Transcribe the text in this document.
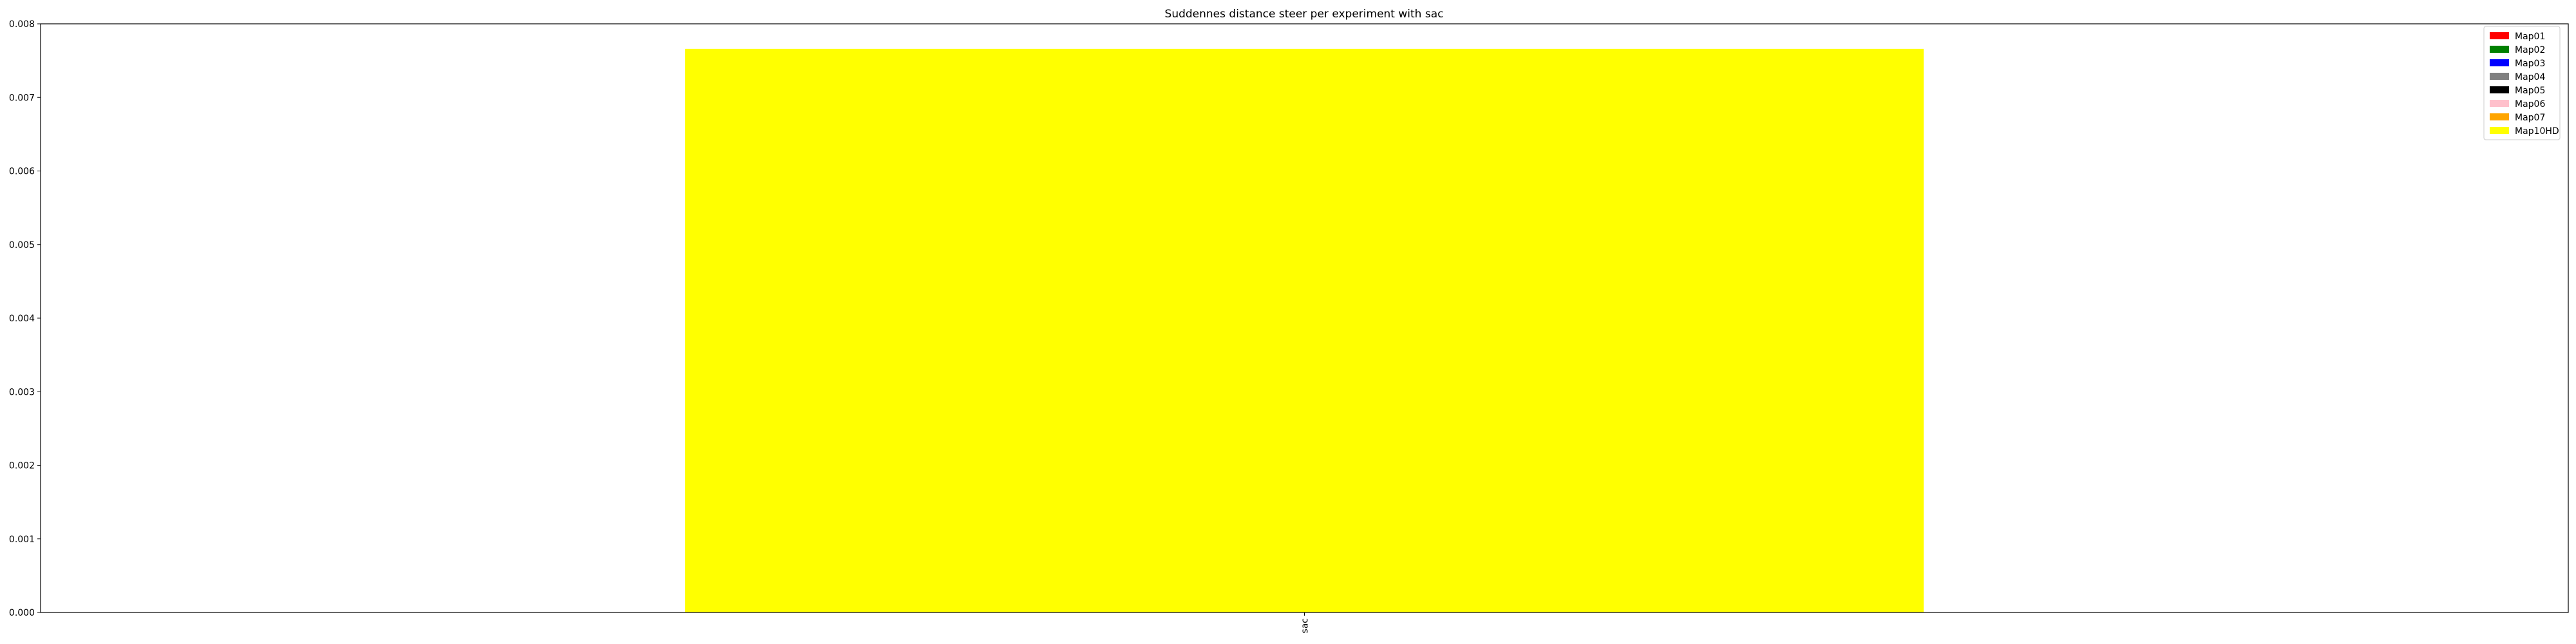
Suddennes distance steer per experiment with sac
0.000
0.001
0.002
0.003
0.004
0.005
0.006
0.007
0.008
sac
Map01
Map02
Map03
Map04
Map05
Map06
Map07
Map10HD
